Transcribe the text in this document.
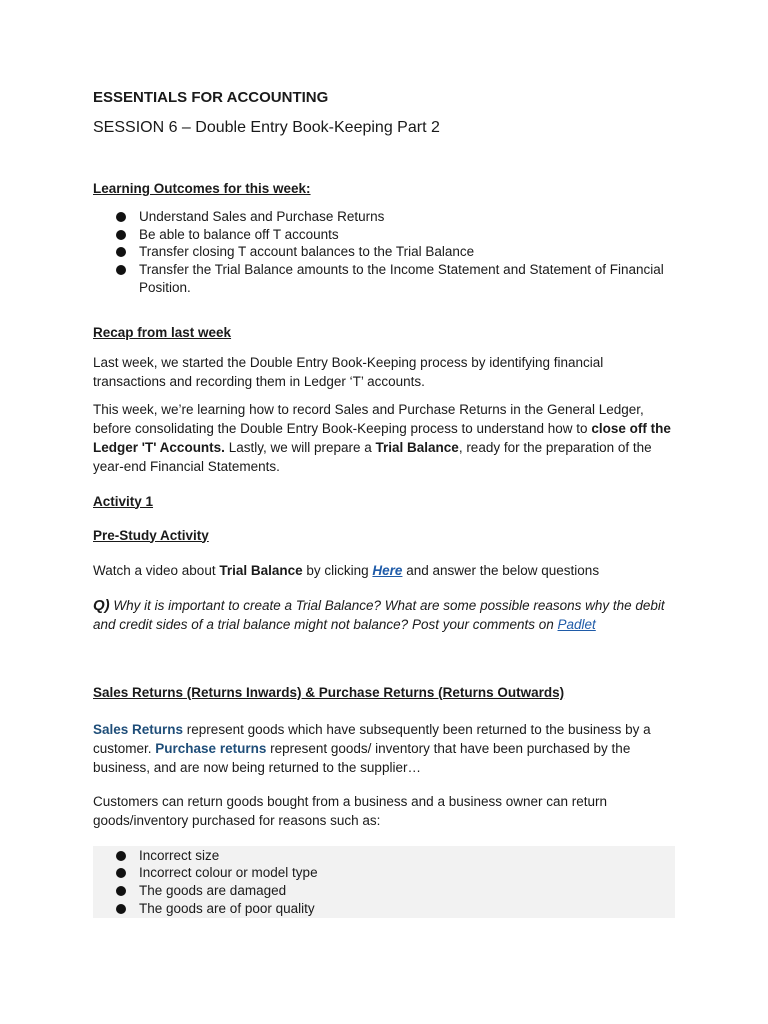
ESSENTIALS FOR ACCOUNTING
SESSION 6 – Double Entry Book-Keeping Part 2
Learning Outcomes for this week:
Understand Sales and Purchase Returns
Be able to balance off T accounts
Transfer closing T account balances to the Trial Balance
Transfer the Trial Balance amounts to the Income Statement and Statement of Financial Position.
Recap from last week

Last week, we started the Double Entry Book-Keeping process by identifying financial transactions and recording them in Ledger ‘T’ accounts.

This week, we’re learning how to record Sales and Purchase Returns in the General Ledger, before consolidating the Double Entry Book-Keeping process to understand how to close off the Ledger 'T' Accounts. Lastly, we will prepare a Trial Balance, ready for the preparation of the year-end Financial Statements.

Activity 1
Pre-Study Activity

Watch a video about Trial Balance by clicking Here and answer the below questions

Q) Why it is important to create a Trial Balance? What are some possible reasons why the debit and credit sides of a trial balance might not balance? Post your comments on Padlet

Sales Returns (Returns Inwards) & Purchase Returns (Returns Outwards)

Sales Returns represent goods which have subsequently been returned to the business by a customer. Purchase returns represent goods/ inventory that have been purchased by the business, and are now being returned to the supplier…

Customers can return goods bought from a business and a business owner can return goods/inventory purchased for reasons such as:

Incorrect size
Incorrect colour or model type
The goods are damaged
The goods are of poor quality
